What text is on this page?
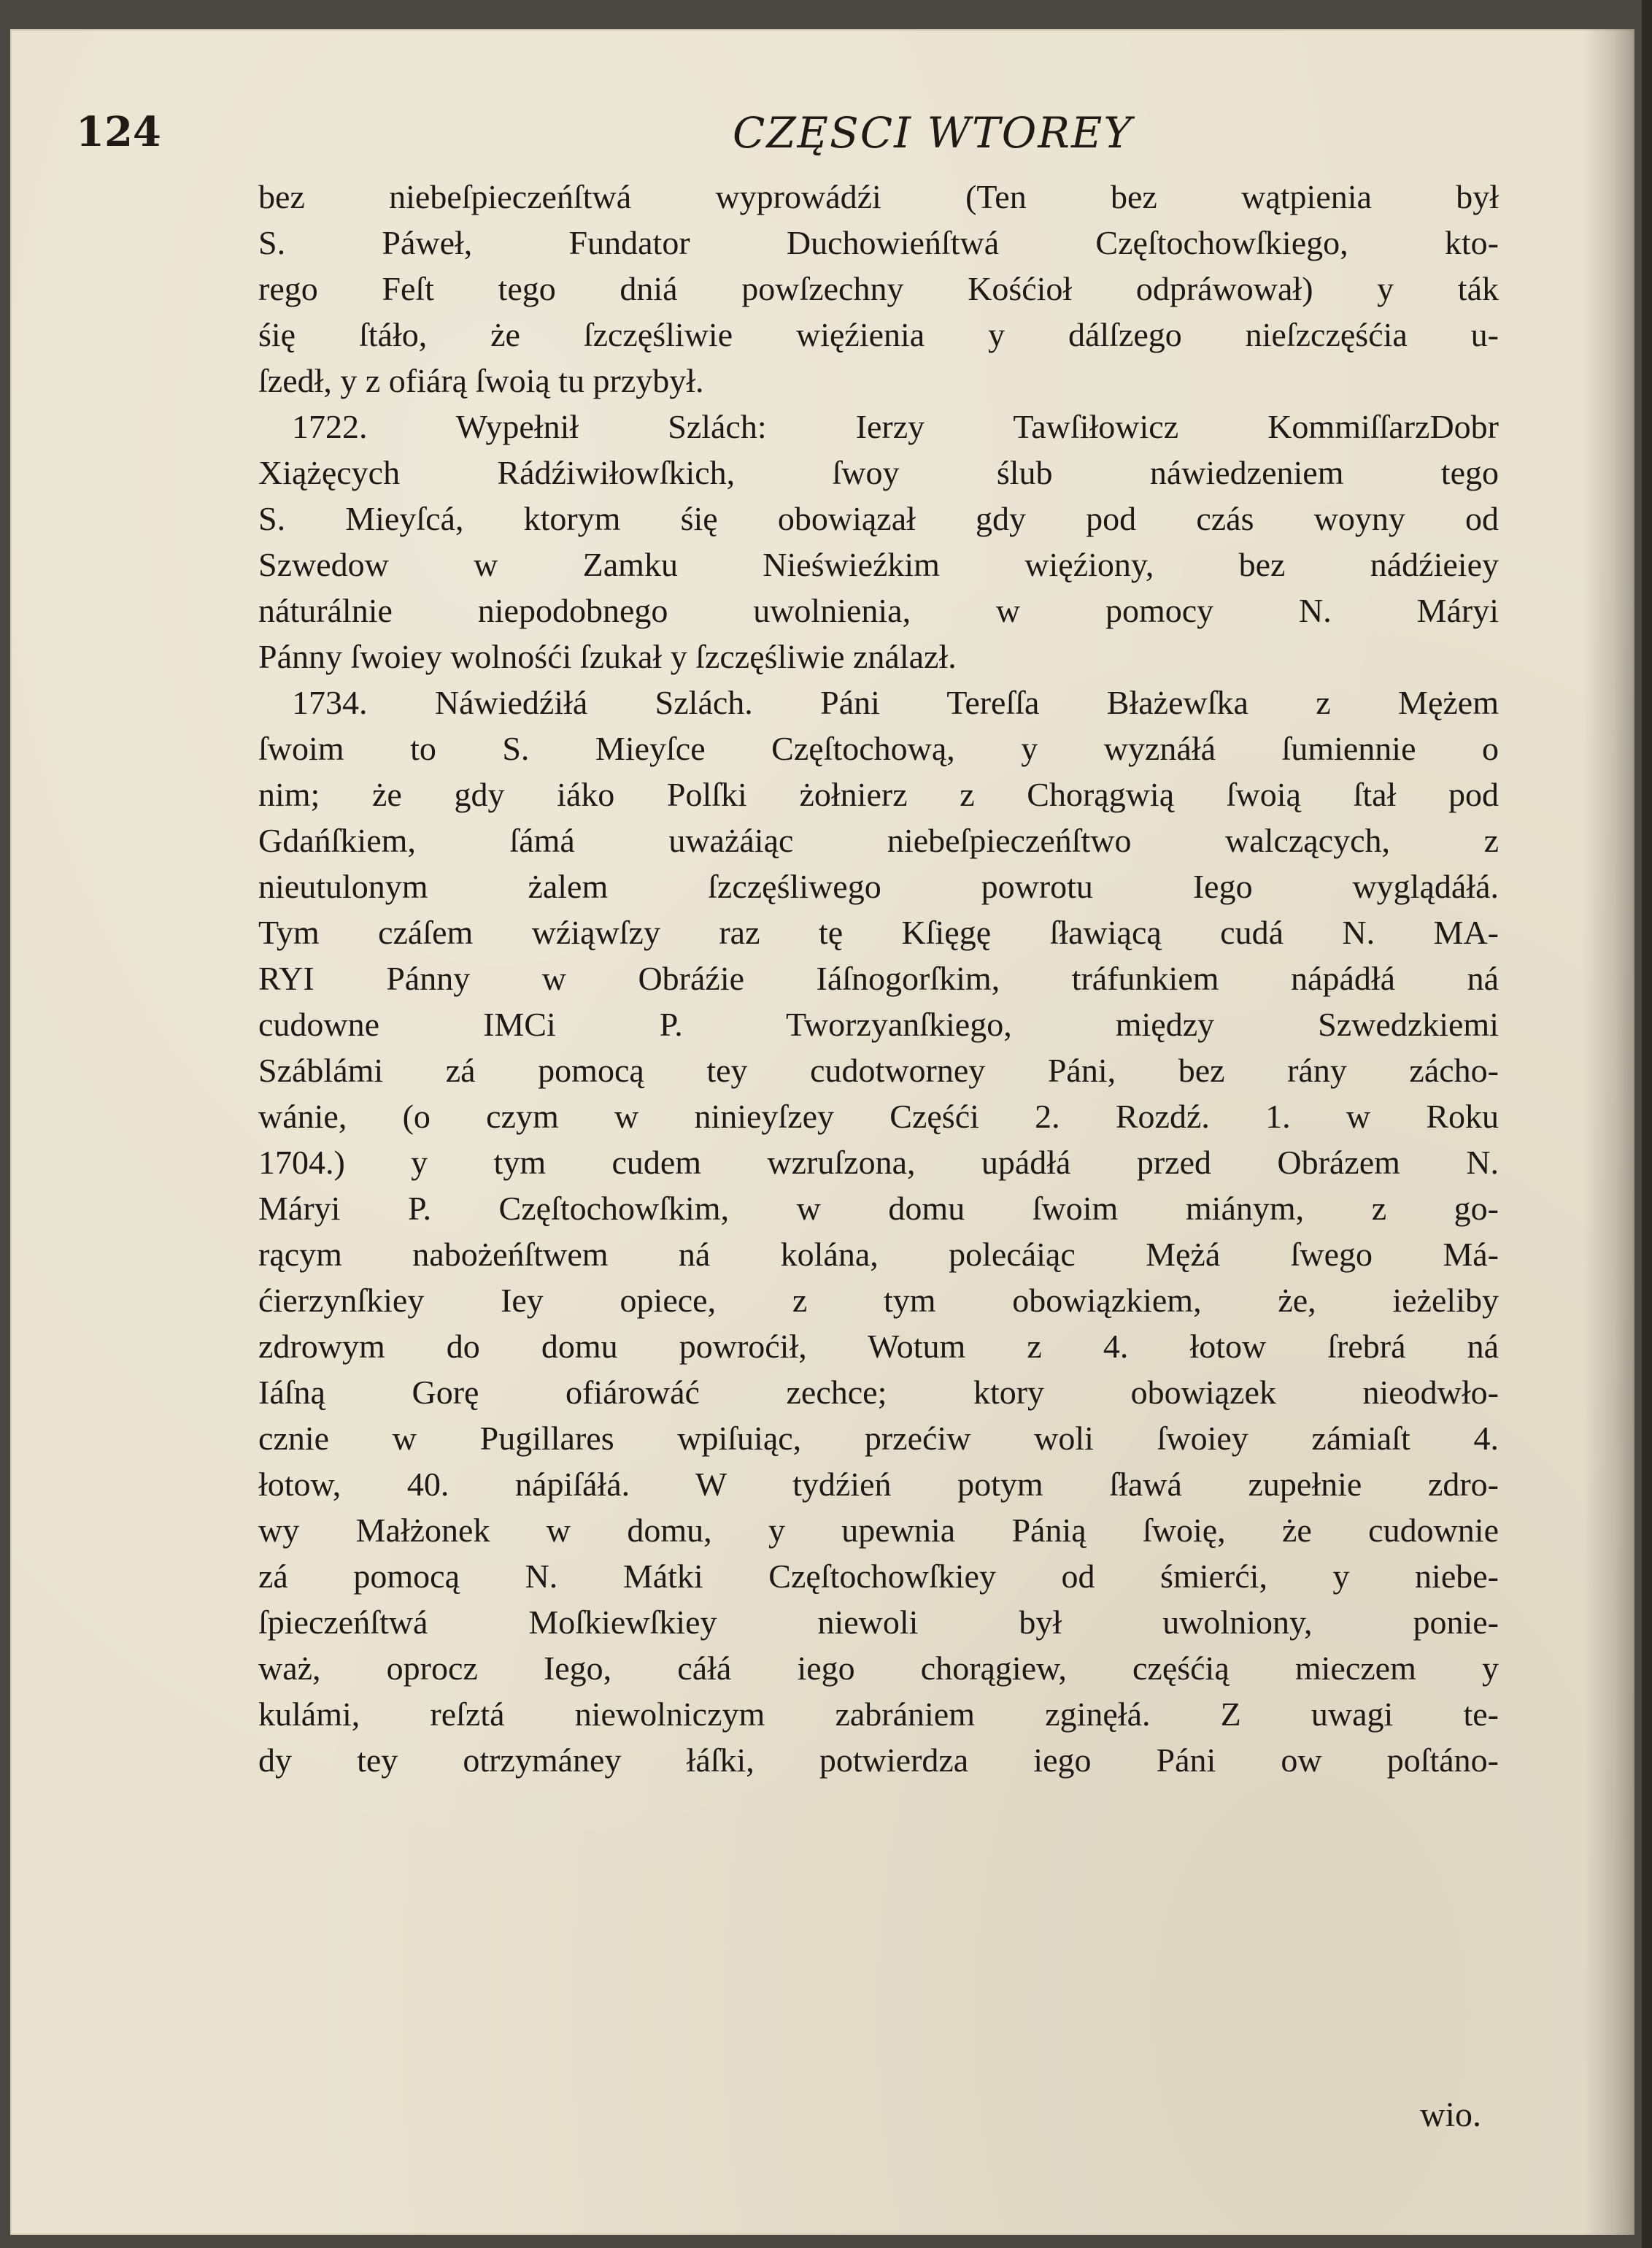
124	CZĘSCI WTOREY
bez niebeſpieczeńſtwá wyprowádźi (Ten bez wątpienia był
S. Páweł, Fundator Duchowieńſtwá Częſtochowſkiego, kto-
rego Feſt tego dniá powſzechny Kośćioł odpráwował) y ták
śię ſtáło, że ſzczęśliwie więźienia y dálſzego nieſzczęśćia u-
ſzedł, y z ofiárą ſwoią tu przybył.
1722. Wypełnił Szlách: Ierzy Tawſiłowicz KommiſſarzDobr
Xiążęcych Rádźiwiłowſkich, ſwoy ślub náwiedzeniem tego
S. Mieyſcá, ktorym śię obowiązał gdy pod czás woyny od
Szwedow w Zamku Nieświeźkim więźiony, bez nádźieiey
náturálnie niepodobnego uwolnienia, w pomocy N. Máryi
Pánny ſwoiey wolnośći ſzukał y ſzczęśliwie ználazł.
1734. Náwiedźiłá Szlách. Páni Tereſſa Błażewſka z Mężem
ſwoim to S. Mieyſce Częſtochową, y wyznáłá ſumiennie o
nim; że gdy iáko Polſki żołnierz z Chorągwią ſwoią ſtał pod
Gdańſkiem, ſámá uważáiąc niebeſpieczeńſtwo walczących, z
nieutulonym żalem ſzczęśliwego powrotu Iego wyglądáłá.
Tym czáſem wźiąwſzy raz tę Kſięgę ſławiącą cudá N. MA-
RYI Pánny w Obráźie Iáſnogorſkim, tráfunkiem nápádłá ná
cudowne IMCi P. Tworzyanſkiego, między Szwedzkiemi
Száblámi zá pomocą tey cudotworney Páni, bez rány zácho-
wánie, (o czym w ninieyſzey Częśći 2. Rozdź. 1. w Roku
1704.) y tym cudem wzruſzona, upádłá przed Obrázem N.
Máryi P. Częſtochowſkim, w domu ſwoim miánym, z go-
rącym nabożeńſtwem ná kolána, polecáiąc Mężá ſwego Má-
ćierzynſkiey Iey opiece, z tym obowiązkiem, że, ieżeliby
zdrowym do domu powroćił, Wotum z 4. łotow ſrebrá ná
Iáſną Gorę ofiárowáć zechce; ktory obowiązek nieodwło-
cznie w Pugillares wpiſuiąc, przećiw woli ſwoiey zámiaſt 4.
łotow, 40. nápiſáłá. W tydźień potym ſławá zupełnie zdro-
wy Małżonek w domu, y upewnia Pánią ſwoię, że cudownie
zá pomocą N. Mátki Częſtochowſkiey od śmierći, y niebe-
ſpieczeńſtwá Moſkiewſkiey niewoli był uwolniony, ponie-
waż, oprocz Iego, cáłá iego chorągiew, częśćią mieczem y
kulámi, reſztá niewolniczym zabrániem zginęłá. Z uwagi te-
dy tey otrzymáney łáſki, potwierdza iego Páni ow poſtáno-
wio.
